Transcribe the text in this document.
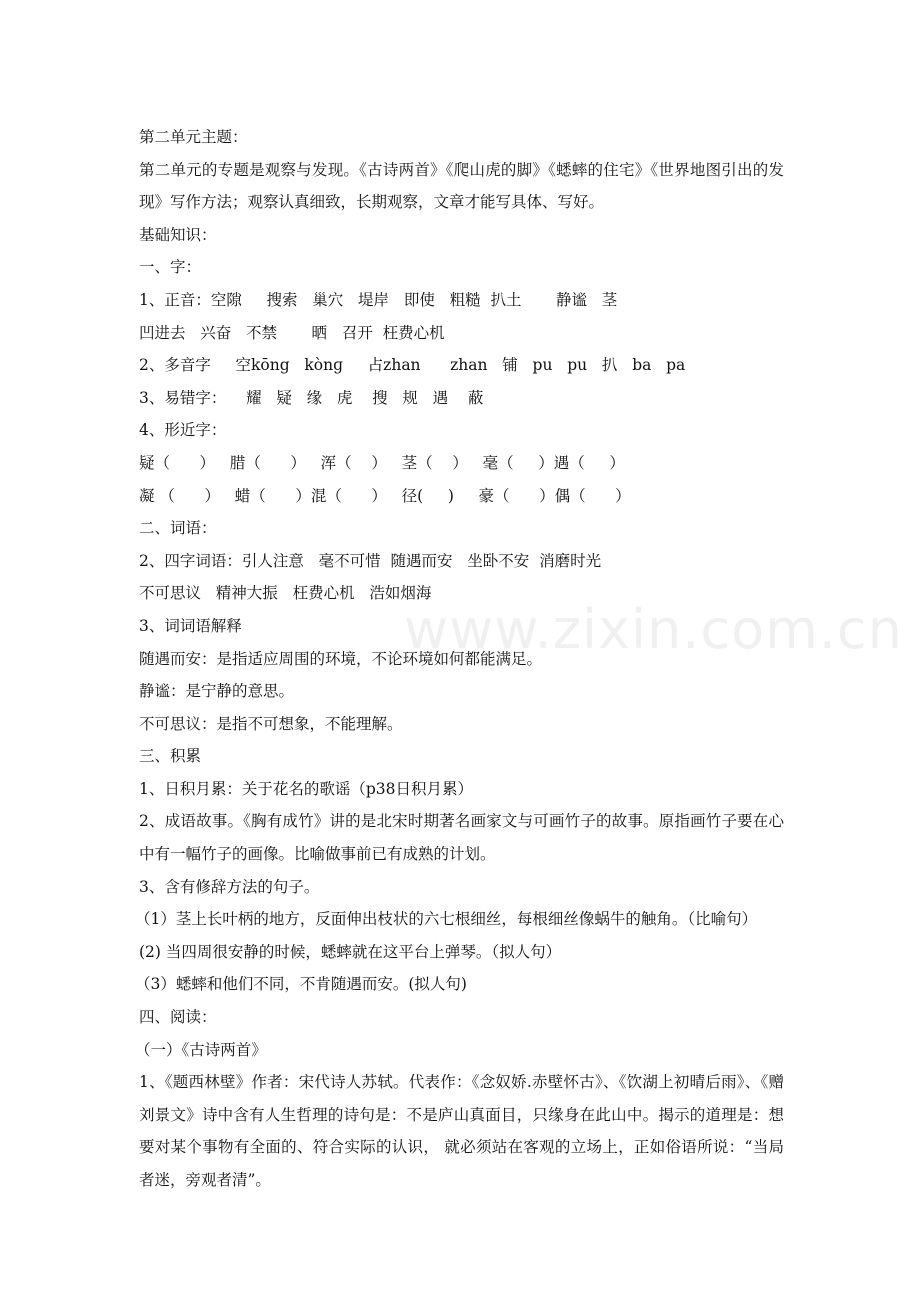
www.zixin.com.cn
第二单元主题：
第二单元的专题是观察与发现。《古诗两首》《爬山虎的脚》《蟋蟀的住宅》《世界地图引出的发现》写作方法；观察认真细致，长期观察，文章才能写具体、写好。
基础知识：
一、字：
1、正音：空隙     搜索   巢穴   堤岸   即使   粗糙  扒土       静谧   茎
凹进去   兴奋   不禁       晒   召开  枉费心机
2、多音字     空kōng   kònɡ     占zhan      zhan   铺   pu   pu   扒   ba   pa
3、易错字：    耀   疑   缘   虎    搜   规   遇    蔽
4、形近字：
疑（      ）   腊（      ）   浑（    ）   茎（    ）   毫（     ）遇（     ）
凝 （      ）   蜡（      ）混（      ）   径(     )     豪（      ）偶（      ）
二、词语：
2、四字词语：引人注意   毫不可惜  随遇而安   坐卧不安  消磨时光
不可思议   精神大振   枉费心机   浩如烟海
3、词词语解释
随遇而安：是指适应周围的环境，不论环境如何都能满足。
静谧：是宁静的意思。
不可思议：是指不可想象，不能理解。
三、积累
1、日积月累：关于花名的歌谣（p38日积月累）
2、成语故事。《胸有成竹》讲的是北宋时期著名画家文与可画竹子的故事。原指画竹子要在心中有一幅竹子的画像。比喻做事前已有成熟的计划。
3、含有修辞方法的句子。
（1）茎上长叶柄的地方，反面伸出枝状的六七根细丝，每根细丝像蜗牛的触角。（比喻句）
(2) 当四周很安静的时候，蟋蟀就在这平台上弹琴。（拟人句）
（3）蟋蟀和他们不同，不肯随遇而安。(拟人句)
四、阅读：
（一）《古诗两首》
1、《题西林壁》作者：宋代诗人苏轼。代表作：《念奴娇.赤壁怀古》、《饮湖上初晴后雨》、《赠刘景文》诗中含有人生哲理的诗句是：不是庐山真面目，只缘身在此山中。揭示的道理是：想要对某个事物有全面的、符合实际的认识， 就必须站在客观的立场上，正如俗语所说：“当局者迷，旁观者清”。
